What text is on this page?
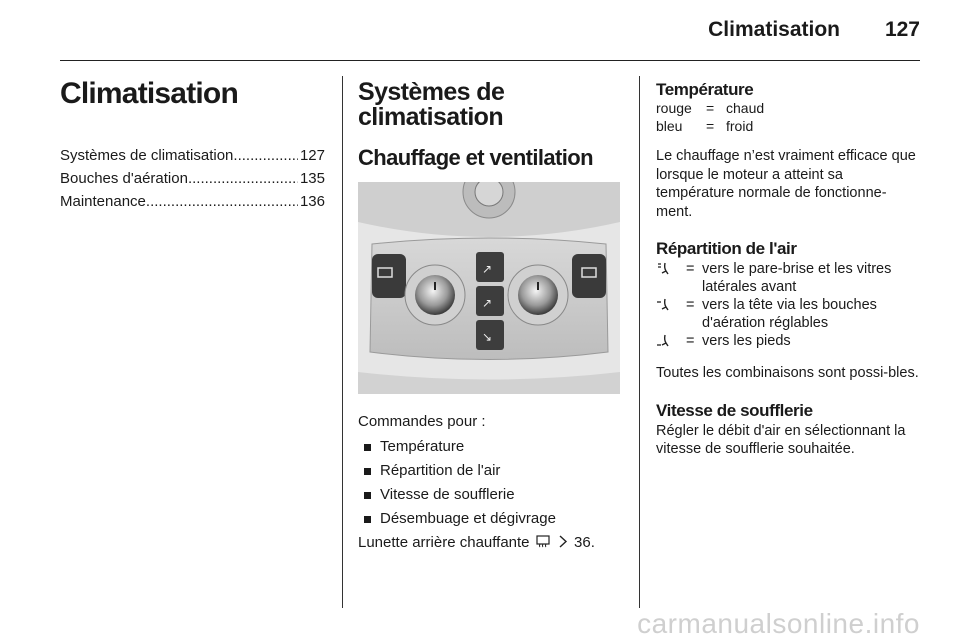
Climatisation 127
Climatisation
Systèmes de climatisation .....	127
Bouches d'aération .....	135
Maintenance .....	136
Systèmes de climatisation
Chauffage et ventilation
↗
↗
↘
Commandes pour :
Température
Répartition de l'air
Vitesse de soufflerie
Désembuage et dégivrage
Lunette arrière chauffante	36.
Température
rouge	= chaud
bleu	= froid

Le chauffage n’est vraiment efficace que lorsque le moteur a atteint sa température normale de fonctionne-ment.

Répartition de l'air
= vers le pare-brise et les vitres latérales avant
= vers la tête via les bouches d'aération réglables
= vers les pieds

Toutes les combinaisons sont possi-bles.

Vitesse de soufflerie

Régler le débit d'air en sélectionnant la vitesse de soufflerie souhaitée.

carmanualsonline.info
